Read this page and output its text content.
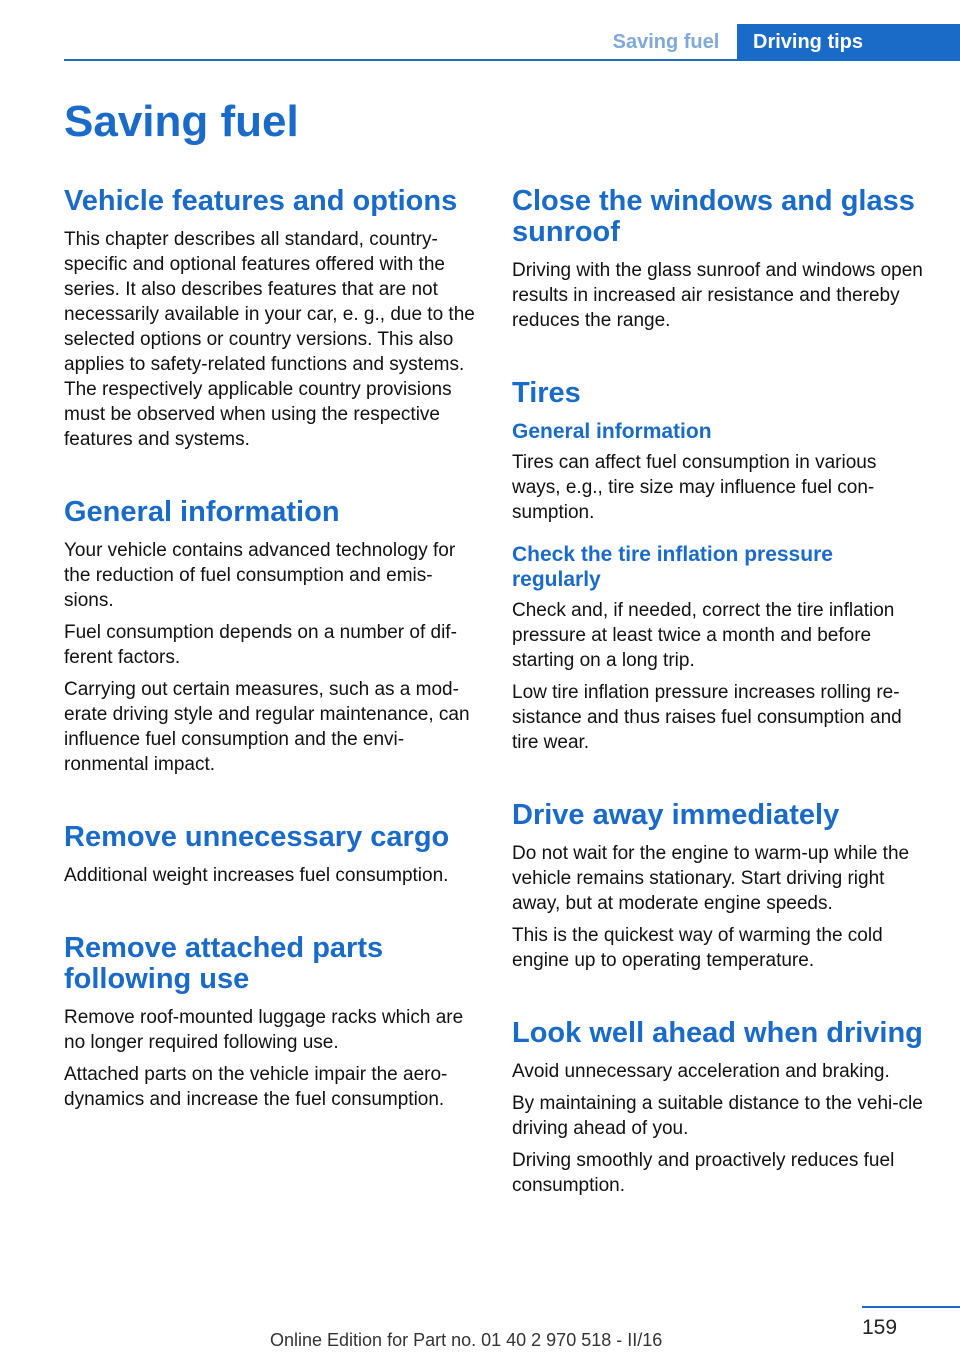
Saving fuel	Driving tips
Saving fuel
Vehicle features and options

This chapter describes all standard, country-specific and optional features offered with the series. It also describes features that are not necessarily available in your car, e. g., due to the selected options or country versions. This also applies to safety-related functions and systems. The respectively applicable country provisions must be observed when using the respective features and systems.

General information

Your vehicle contains advanced technology for the reduction of fuel consumption and emis‐sions.

Fuel consumption depends on a number of dif‐ferent factors.

Carrying out certain measures, such as a mod‐erate driving style and regular maintenance, can influence fuel consumption and the envi‐ronmental impact.

Remove unnecessary cargo

Additional weight increases fuel consumption.

Remove attached parts following use

Remove roof-mounted luggage racks which are no longer required following use.

Attached parts on the vehicle impair the aero‐dynamics and increase the fuel consumption.

Close the windows and glass sunroof

Driving with the glass sunroof and windows open results in increased air resistance and thereby reduces the range.

Tires
General information

Tires can affect fuel consumption in various ways, e.g., tire size may influence fuel con‐sumption.

Check the tire inflation pressure regularly

Check and, if needed, correct the tire inflation pressure at least twice a month and before starting on a long trip.

Low tire inflation pressure increases rolling re‐sistance and thus raises fuel consumption and tire wear.

Drive away immediately

Do not wait for the engine to warm-up while the vehicle remains stationary. Start driving right away, but at moderate engine speeds.

This is the quickest way of warming the cold engine up to operating temperature.

Look well ahead when driving

Avoid unnecessary acceleration and braking.

By maintaining a suitable distance to the vehi‐cle driving ahead of you.

Driving smoothly and proactively reduces fuel consumption.

159
Online Edition for Part no. 01 40 2 970 518 - II/16
